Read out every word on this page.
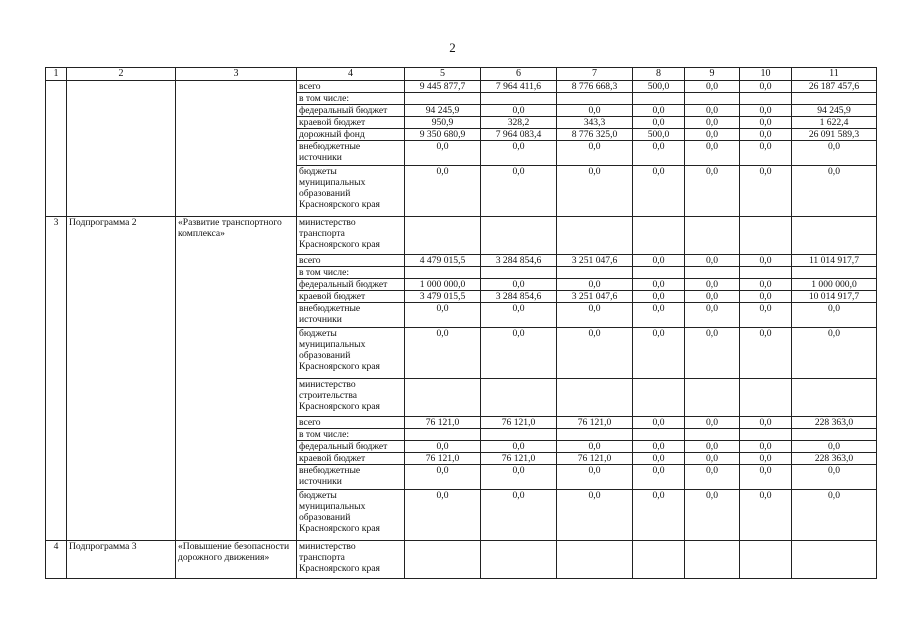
2
1	2	3	4	5	6	7	8	9	10	11
			всего	9 445 877,7	7 964 411,6	8 776 668,3	500,0	0,0	0,0	26 187 457,6
			в том числе:							
			федеральный бюджет	94 245,9	0,0	0,0	0,0	0,0	0,0	94 245,9
			краевой бюджет	950,9	328,2	343,3	0,0	0,0	0,0	1 622,4
			дорожный фонд	9 350 680,9	7 964 083,4	8 776 325,0	500,0	0,0	0,0	26 091 589,3
			внебюджетные источники	0,0	0,0	0,0	0,0	0,0	0,0	0,0
			бюджеты муниципальных образований Красноярского края	0,0	0,0	0,0	0,0	0,0	0,0	0,0
3	Подпрограмма 2	«Развитие транспортного комплекса»	министерство транспорта Красноярского края							
			всего	4 479 015,5	3 284 854,6	3 251 047,6	0,0	0,0	0,0	11 014 917,7
			в том числе:							
			федеральный бюджет	1 000 000,0	0,0	0,0	0,0	0,0	0,0	1 000 000,0
			краевой бюджет	3 479 015,5	3 284 854,6	3 251 047,6	0,0	0,0	0,0	10 014 917,7
			внебюджетные источники	0,0	0,0	0,0	0,0	0,0	0,0	0,0
			бюджеты муниципальных образований Красноярского края	0,0	0,0	0,0	0,0	0,0	0,0	0,0
			министерство строительства Красноярского края							
			всего	76 121,0	76 121,0	76 121,0	0,0	0,0	0,0	228 363,0
			в том числе:							
			федеральный бюджет	0,0	0,0	0,0	0,0	0,0	0,0	0,0
			краевой бюджет	76 121,0	76 121,0	76 121,0	0,0	0,0	0,0	228 363,0
			внебюджетные источники	0,0	0,0	0,0	0,0	0,0	0,0	0,0
			бюджеты муниципальных образований Красноярского края	0,0	0,0	0,0	0,0	0,0	0,0	0,0
4	Подпрограмма 3	«Повышение безопасности дорожного движения»	министерство транспорта Красноярского края							
